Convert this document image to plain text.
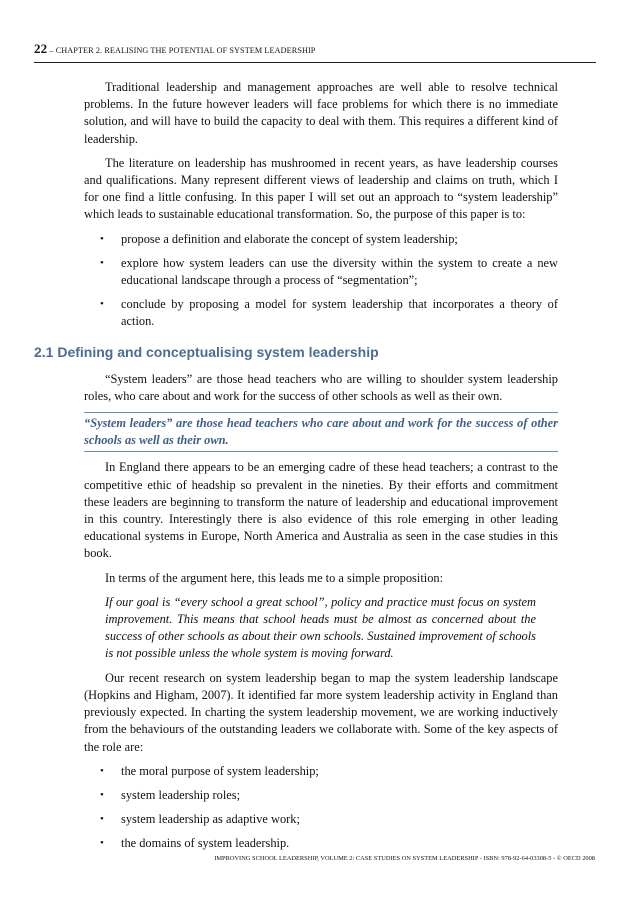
22 – CHAPTER 2. REALISING THE POTENTIAL OF SYSTEM LEADERSHIP

Traditional leadership and management approaches are well able to resolve technical problems. In the future however leaders will face problems for which there is no immediate solution, and will have to build the capacity to deal with them. This requires a different kind of leadership.

The literature on leadership has mushroomed in recent years, as have leadership courses and qualifications. Many represent different views of leadership and claims on truth, which I for one find a little confusing. In this paper I will set out an approach to “system leadership” which leads to sustainable educational transformation. So, the purpose of this paper is to:

• propose a definition and elaborate the concept of system leadership;
• explore how system leaders can use the diversity within the system to create a new educational landscape through a process of “segmentation”;
• conclude by proposing a model for system leadership that incorporates a theory of action.
2.1 Defining and conceptualising system leadership

“System leaders” are those head teachers who are willing to shoulder system leadership roles, who care about and work for the success of other schools as well as their own.

“System leaders” are those head teachers who care about and work for the success of other schools as well as their own.

In England there appears to be an emerging cadre of these head teachers; a contrast to the competitive ethic of headship so prevalent in the nineties. By their efforts and commitment these leaders are beginning to transform the nature of leadership and educational improvement in this country. Interestingly there is also evidence of this role emerging in other leading educational systems in Europe, North America and Australia as seen in the case studies in this book.

In terms of the argument here, this leads me to a simple proposition:

If our goal is “every school a great school”, policy and practice must focus on system improvement. This means that school heads must be almost as concerned about the success of other schools as about their own schools. Sustained improvement of schools is not possible unless the whole system is moving forward.

Our recent research on system leadership began to map the system leadership landscape (Hopkins and Higham, 2007). It identified far more system leadership activity in England than previously expected. In charting the system leadership movement, we are working inductively from the behaviours of the outstanding leaders we collaborate with. Some of the key aspects of the role are:

• the moral purpose of system leadership;
• system leadership roles;
• system leadership as adaptive work;
• the domains of system leadership.
IMPROVING SCHOOL LEADERSHIP, VOLUME 2: CASE STUDIES ON SYSTEM LEADERSHIP - ISBN: 978-92-64-03308-5 - © OECD 2008
